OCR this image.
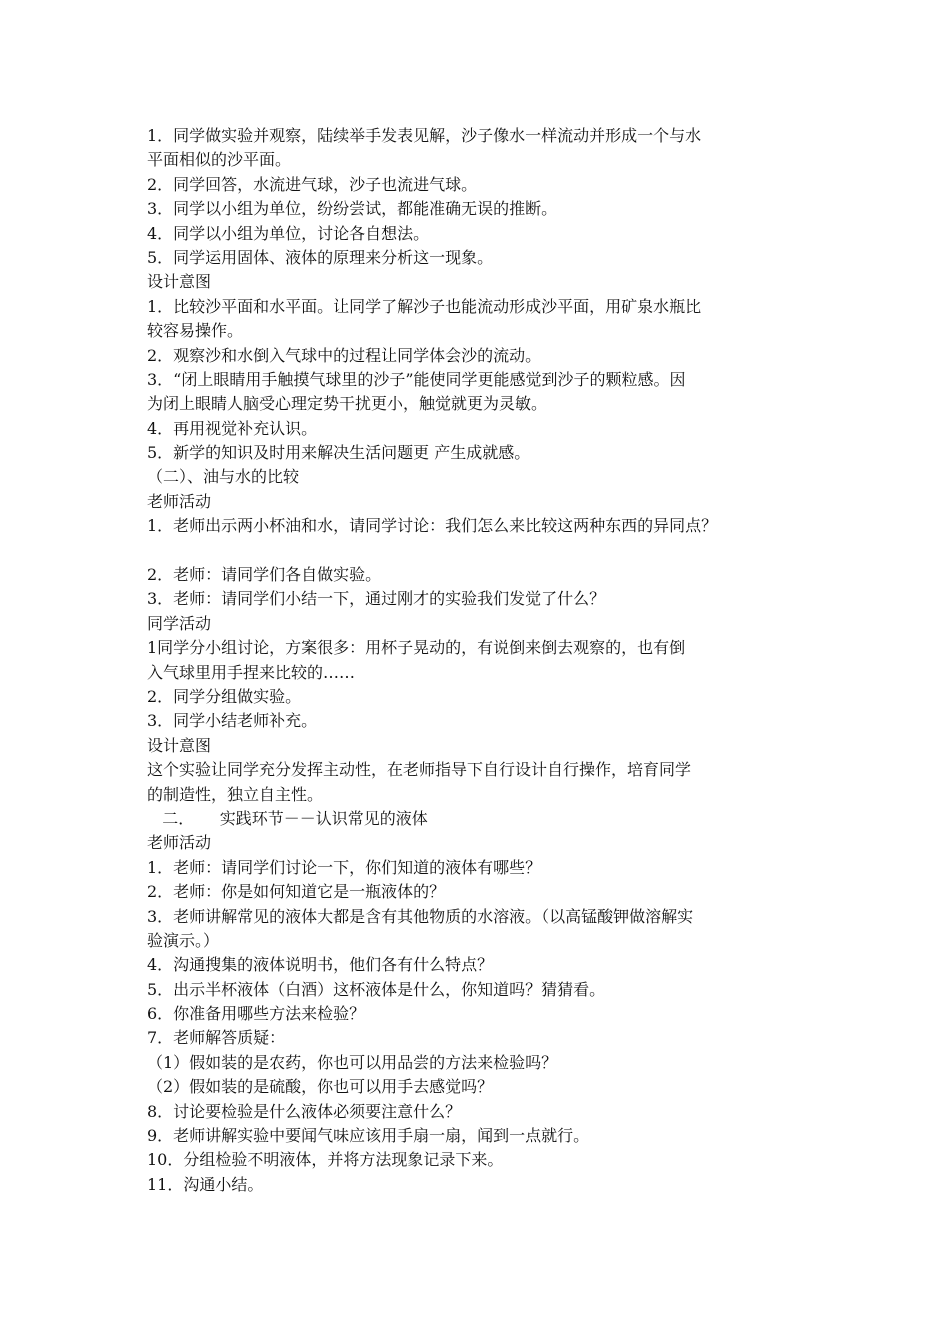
1．同学做实验并观察，陆续举手发表见解，沙子像水一样流动并形成一个与水
平面相似的沙平面。
2．同学回答，水流进气球，沙子也流进气球。
3．同学以小组为单位，纷纷尝试，都能准确无误的推断。
4．同学以小组为单位，讨论各自想法。
5．同学运用固体、液体的原理来分析这一现象。
设计意图
1．比较沙平面和水平面。让同学了解沙子也能流动形成沙平面，用矿泉水瓶比
较容易操作。
2．观察沙和水倒入气球中的过程让同学体会沙的流动。
3．“闭上眼睛用手触摸气球里的沙子”能使同学更能感觉到沙子的颗粒感。因
为闭上眼睛人脑受心理定势干扰更小，触觉就更为灵敏。
4．再用视觉补充认识。
5．新学的知识及时用来解决生活问题更 产生成就感。
（二）、油与水的比较
老师活动
1．老师出示两小杯油和水，请同学讨论：我们怎么来比较这两种东西的异同点？
2．老师：请同学们各自做实验。
3．老师：请同学们小结一下，通过刚才的实验我们发觉了什么？
同学活动
1同学分小组讨论，方案很多：用杯子晃动的，有说倒来倒去观察的，也有倒
入气球里用手捏来比较的……
2．同学分组做实验。
3．同学小结老师补充。
设计意图
这个实验让同学充分发挥主动性，在老师指导下自行设计自行操作，培育同学
的制造性，独立自主性。
二．     实践环节－－认识常见的液体
老师活动
1．老师：请同学们讨论一下，你们知道的液体有哪些？
2．老师：你是如何知道它是一瓶液体的？
3．老师讲解常见的液体大都是含有其他物质的水溶液。（以高锰酸钾做溶解实
验演示。）
4．沟通搜集的液体说明书，他们各有什么特点？
5．出示半杯液体（白酒）这杯液体是什么，你知道吗？猜猜看。
6．你准备用哪些方法来检验？
7．老师解答质疑：
（1）假如装的是农药，你也可以用品尝的方法来检验吗？
（2）假如装的是硫酸，你也可以用手去感觉吗？
8．讨论要检验是什么液体必须要注意什么？
9．老师讲解实验中要闻气味应该用手扇一扇，闻到一点就行。
10．分组检验不明液体，并将方法现象记录下来。
11．沟通小结。
